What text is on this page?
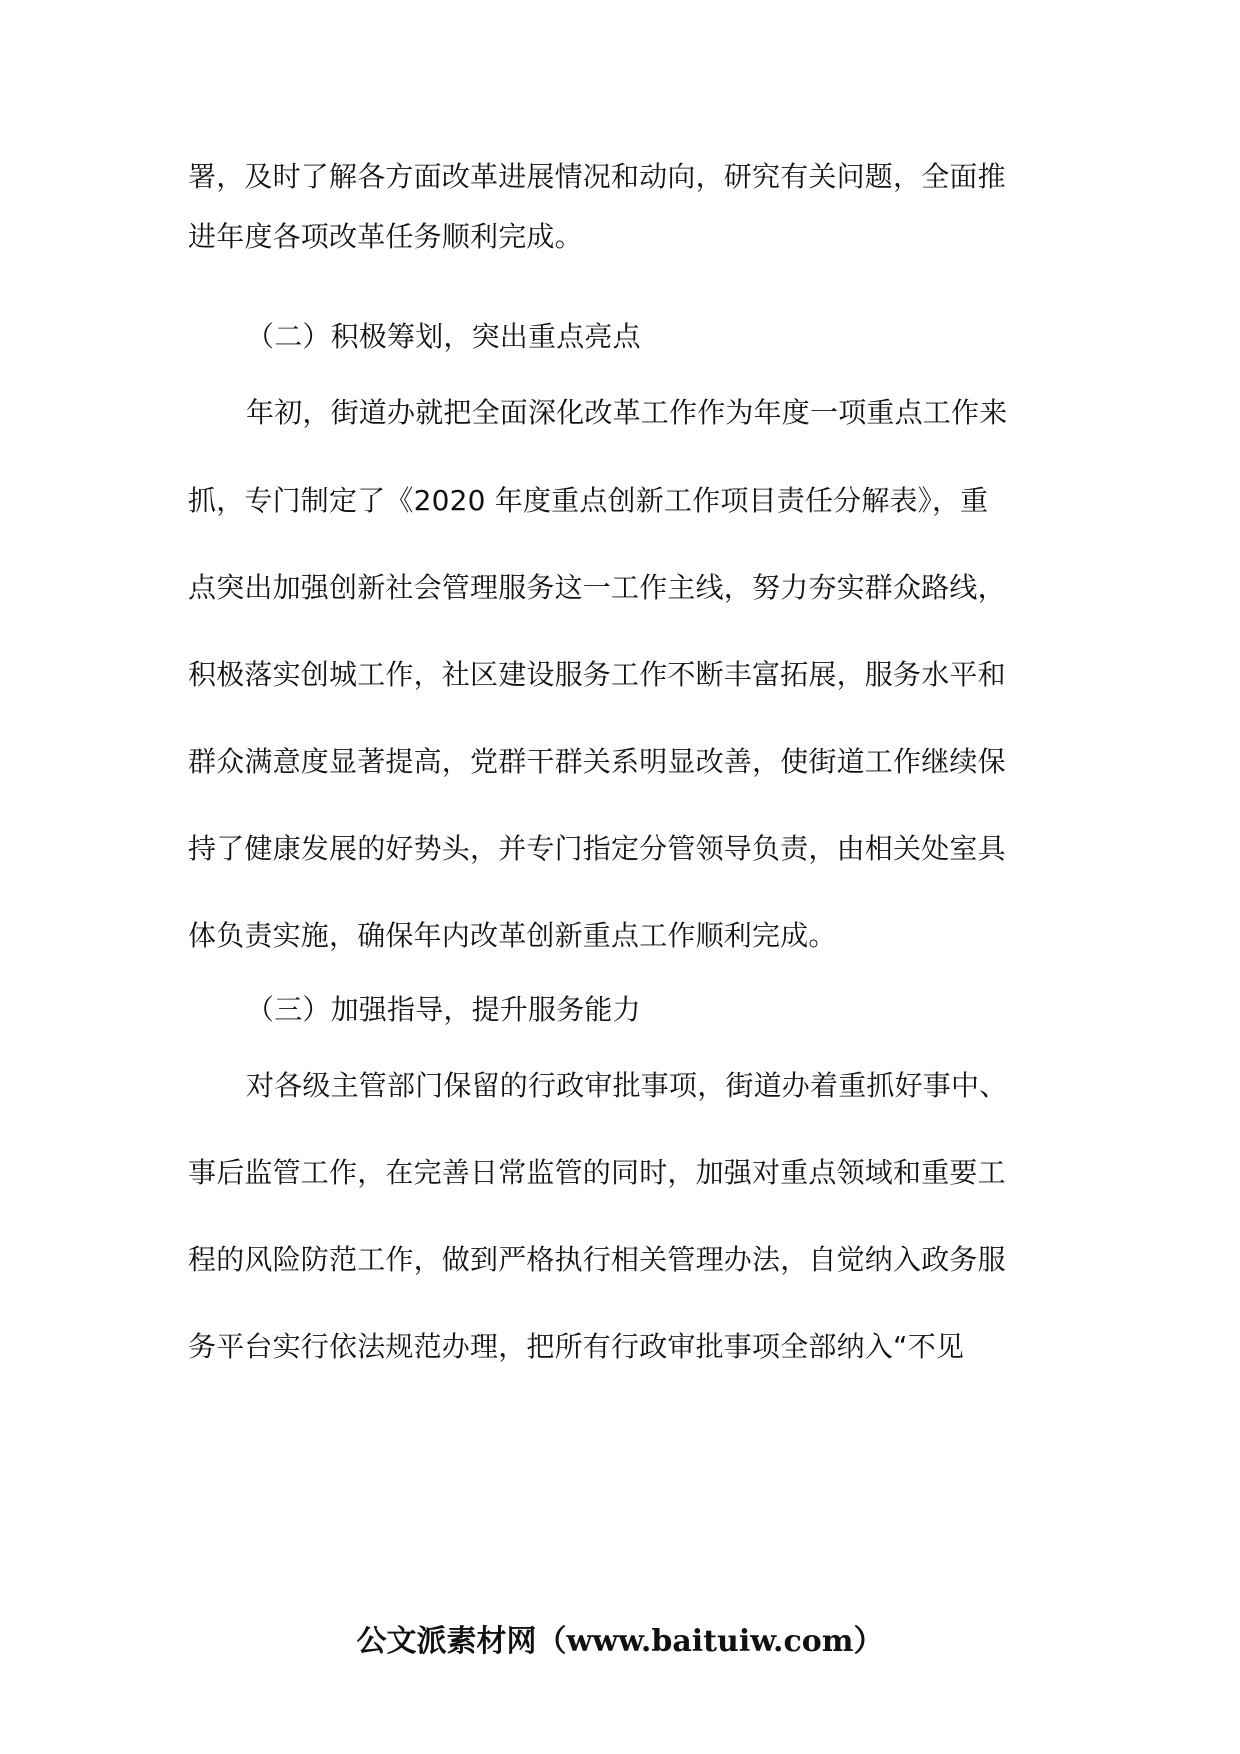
署，及时了解各方面改革进展情况和动向，研究有关问题，全面推
进年度各项改革任务顺利完成。
（二）积极筹划，突出重点亮点
年初，街道办就把全面深化改革工作作为年度一项重点工作来
抓，专门制定了《2020 年度重点创新工作项目责任分解表》，重
点突出加强创新社会管理服务这一工作主线，努力夯实群众路线，
积极落实创城工作，社区建设服务工作不断丰富拓展，服务水平和
群众满意度显著提高，党群干群关系明显改善，使街道工作继续保
持了健康发展的好势头，并专门指定分管领导负责，由相关处室具
体负责实施，确保年内改革创新重点工作顺利完成。
（三）加强指导，提升服务能力
对各级主管部门保留的行政审批事项，街道办着重抓好事中、
事后监管工作，在完善日常监管的同时，加强对重点领域和重要工
程的风险防范工作，做到严格执行相关管理办法，自觉纳入政务服
务平台实行依法规范办理，把所有行政审批事项全部纳入“不见
公文派素材网（www.baituiw.com）
